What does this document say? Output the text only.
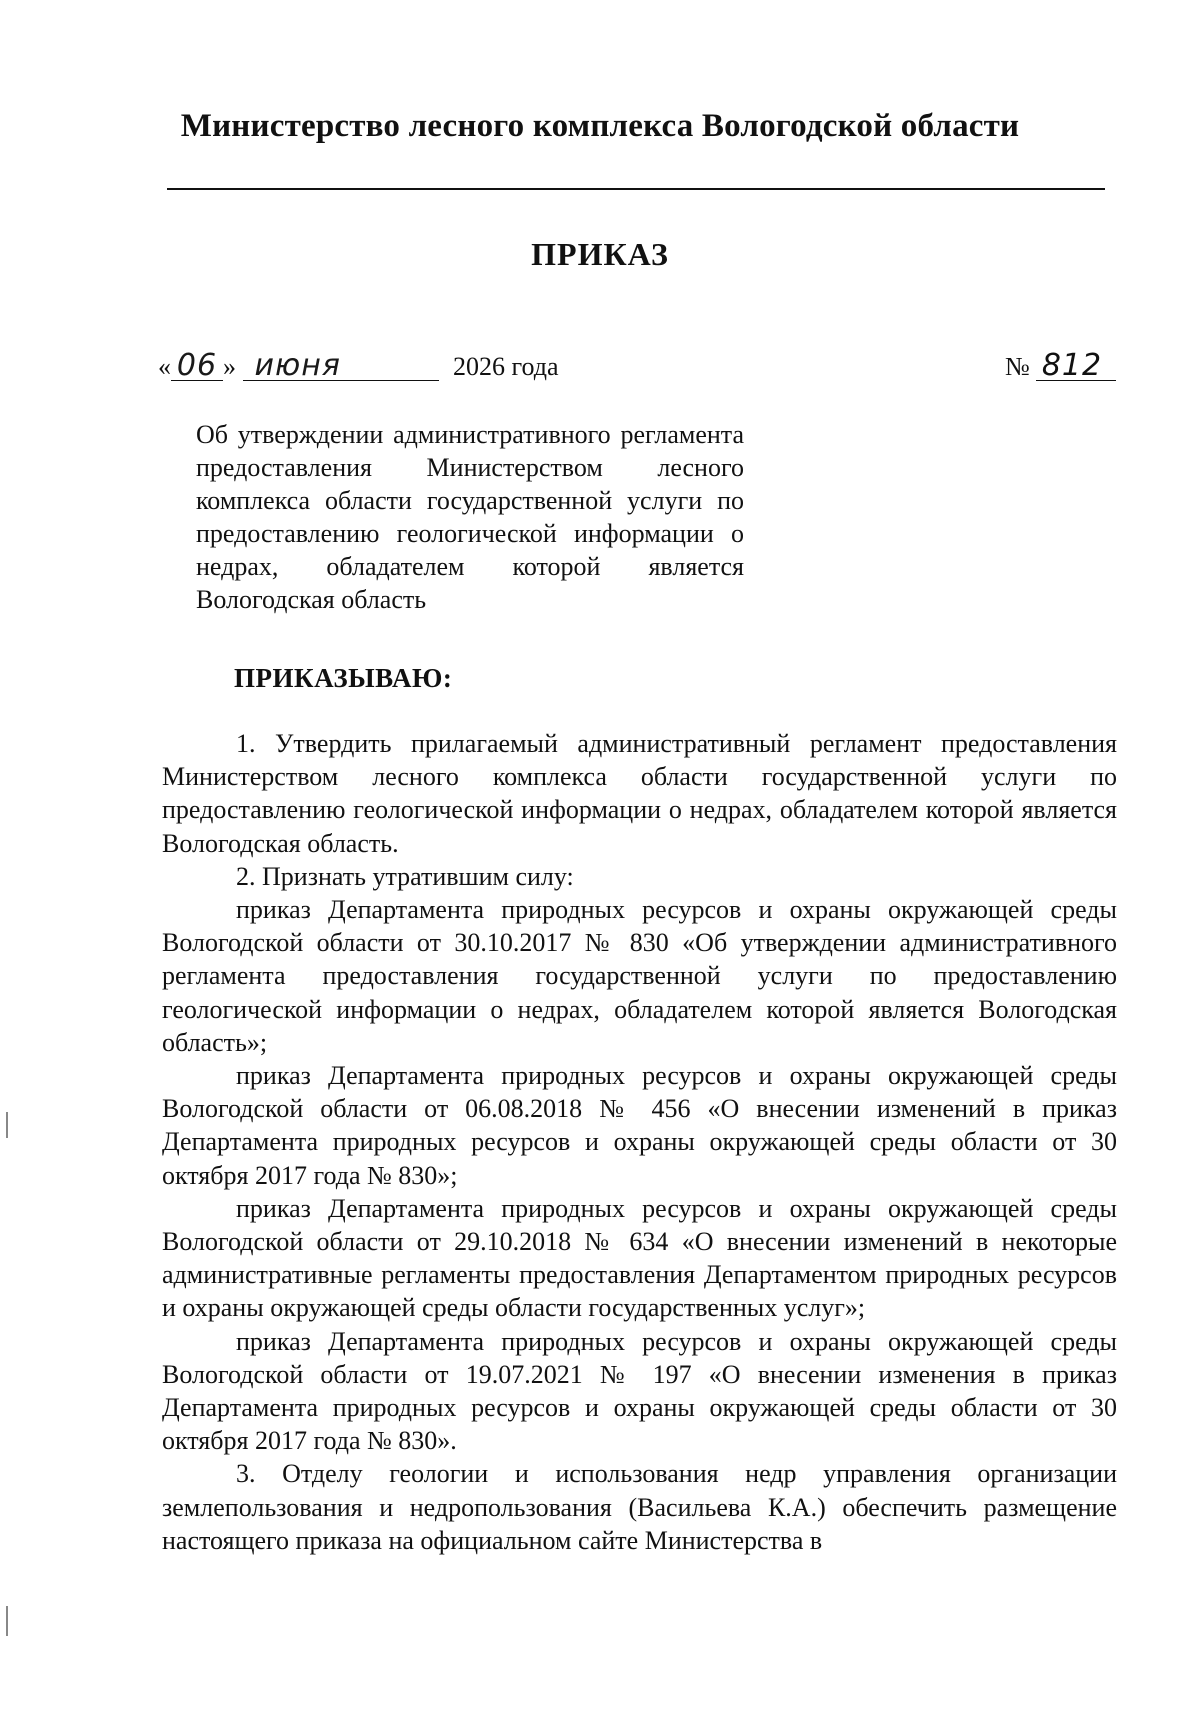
Министерство лесного комплекса Вологодской области
ПРИКАЗ
« 06 » июня	2026 года	№ 812
Об утверждении административного регламента предоставления Министерством лесного комплекса области государственной услуги по предоставлению геологической информации о недрах, обладателем которой является Вологодская область
ПРИКАЗЫВАЮ:

1. Утвердить прилагаемый административный регламент предоставления Министерством лесного комплекса области государственной услуги по предоставлению геологической информации о недрах, обладателем которой является Вологодская область.

2. Признать утратившим силу:

приказ Департамента природных ресурсов и охраны окружающей среды Вологодской области от 30.10.2017 № 830 «Об утверждении административного регламента предоставления государственной услуги по предоставлению геологической информации о недрах, обладателем которой является Вологодская область»;

приказ Департамента природных ресурсов и охраны окружающей среды Вологодской области от 06.08.2018 № 456 «О внесении изменений в приказ Департамента природных ресурсов и охраны окружающей среды области от 30 октября 2017 года № 830»;

приказ Департамента природных ресурсов и охраны окружающей среды Вологодской области от 29.10.2018 № 634 «О внесении изменений в некоторые административные регламенты предоставления Департаментом природных ресурсов и охраны окружающей среды области государственных услуг»;

приказ Департамента природных ресурсов и охраны окружающей среды Вологодской области от 19.07.2021 № 197 «О внесении изменения в приказ Департамента природных ресурсов и охраны окружающей среды области от 30 октября 2017 года № 830».

3. Отделу геологии и использования недр управления организации землепользования и недропользования (Васильева К.А.) обеспечить размещение настоящего приказа на официальном сайте Министерства в
